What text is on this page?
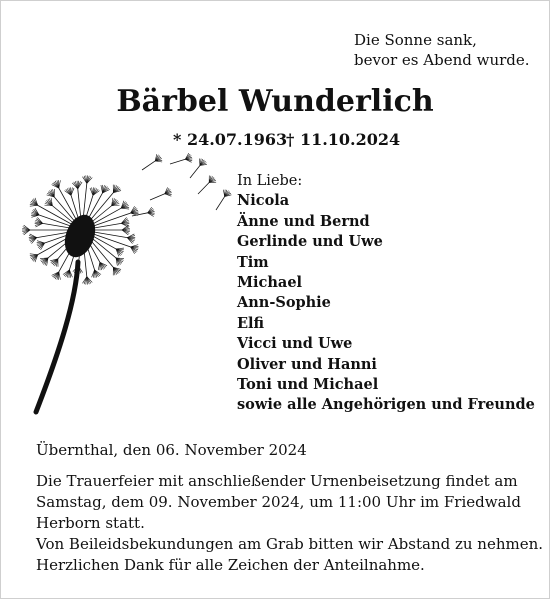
Die Sonne sank,
bevor es Abend wurde.
Bärbel Wunderlich
* 24.07.1963
† 11.10.2024
In Liebe:
Nicola
Änne und Bernd
Gerlinde und Uwe
Tim
Michael
Ann-Sophie
Elfi
Vicci und Uwe
Oliver und Hanni
Toni und Michael
sowie alle Angehörigen und Freunde
Übernthal, den 06. November 2024
Die Trauerfeier mit anschließender Urnenbeisetzung findet am
Samstag, dem 09. November 2024, um 11:00 Uhr im Friedwald
Herborn statt.
Von Beileidsbekundungen am Grab bitten wir Abstand zu nehmen.
Herzlichen Dank für alle Zeichen der Anteilnahme.
